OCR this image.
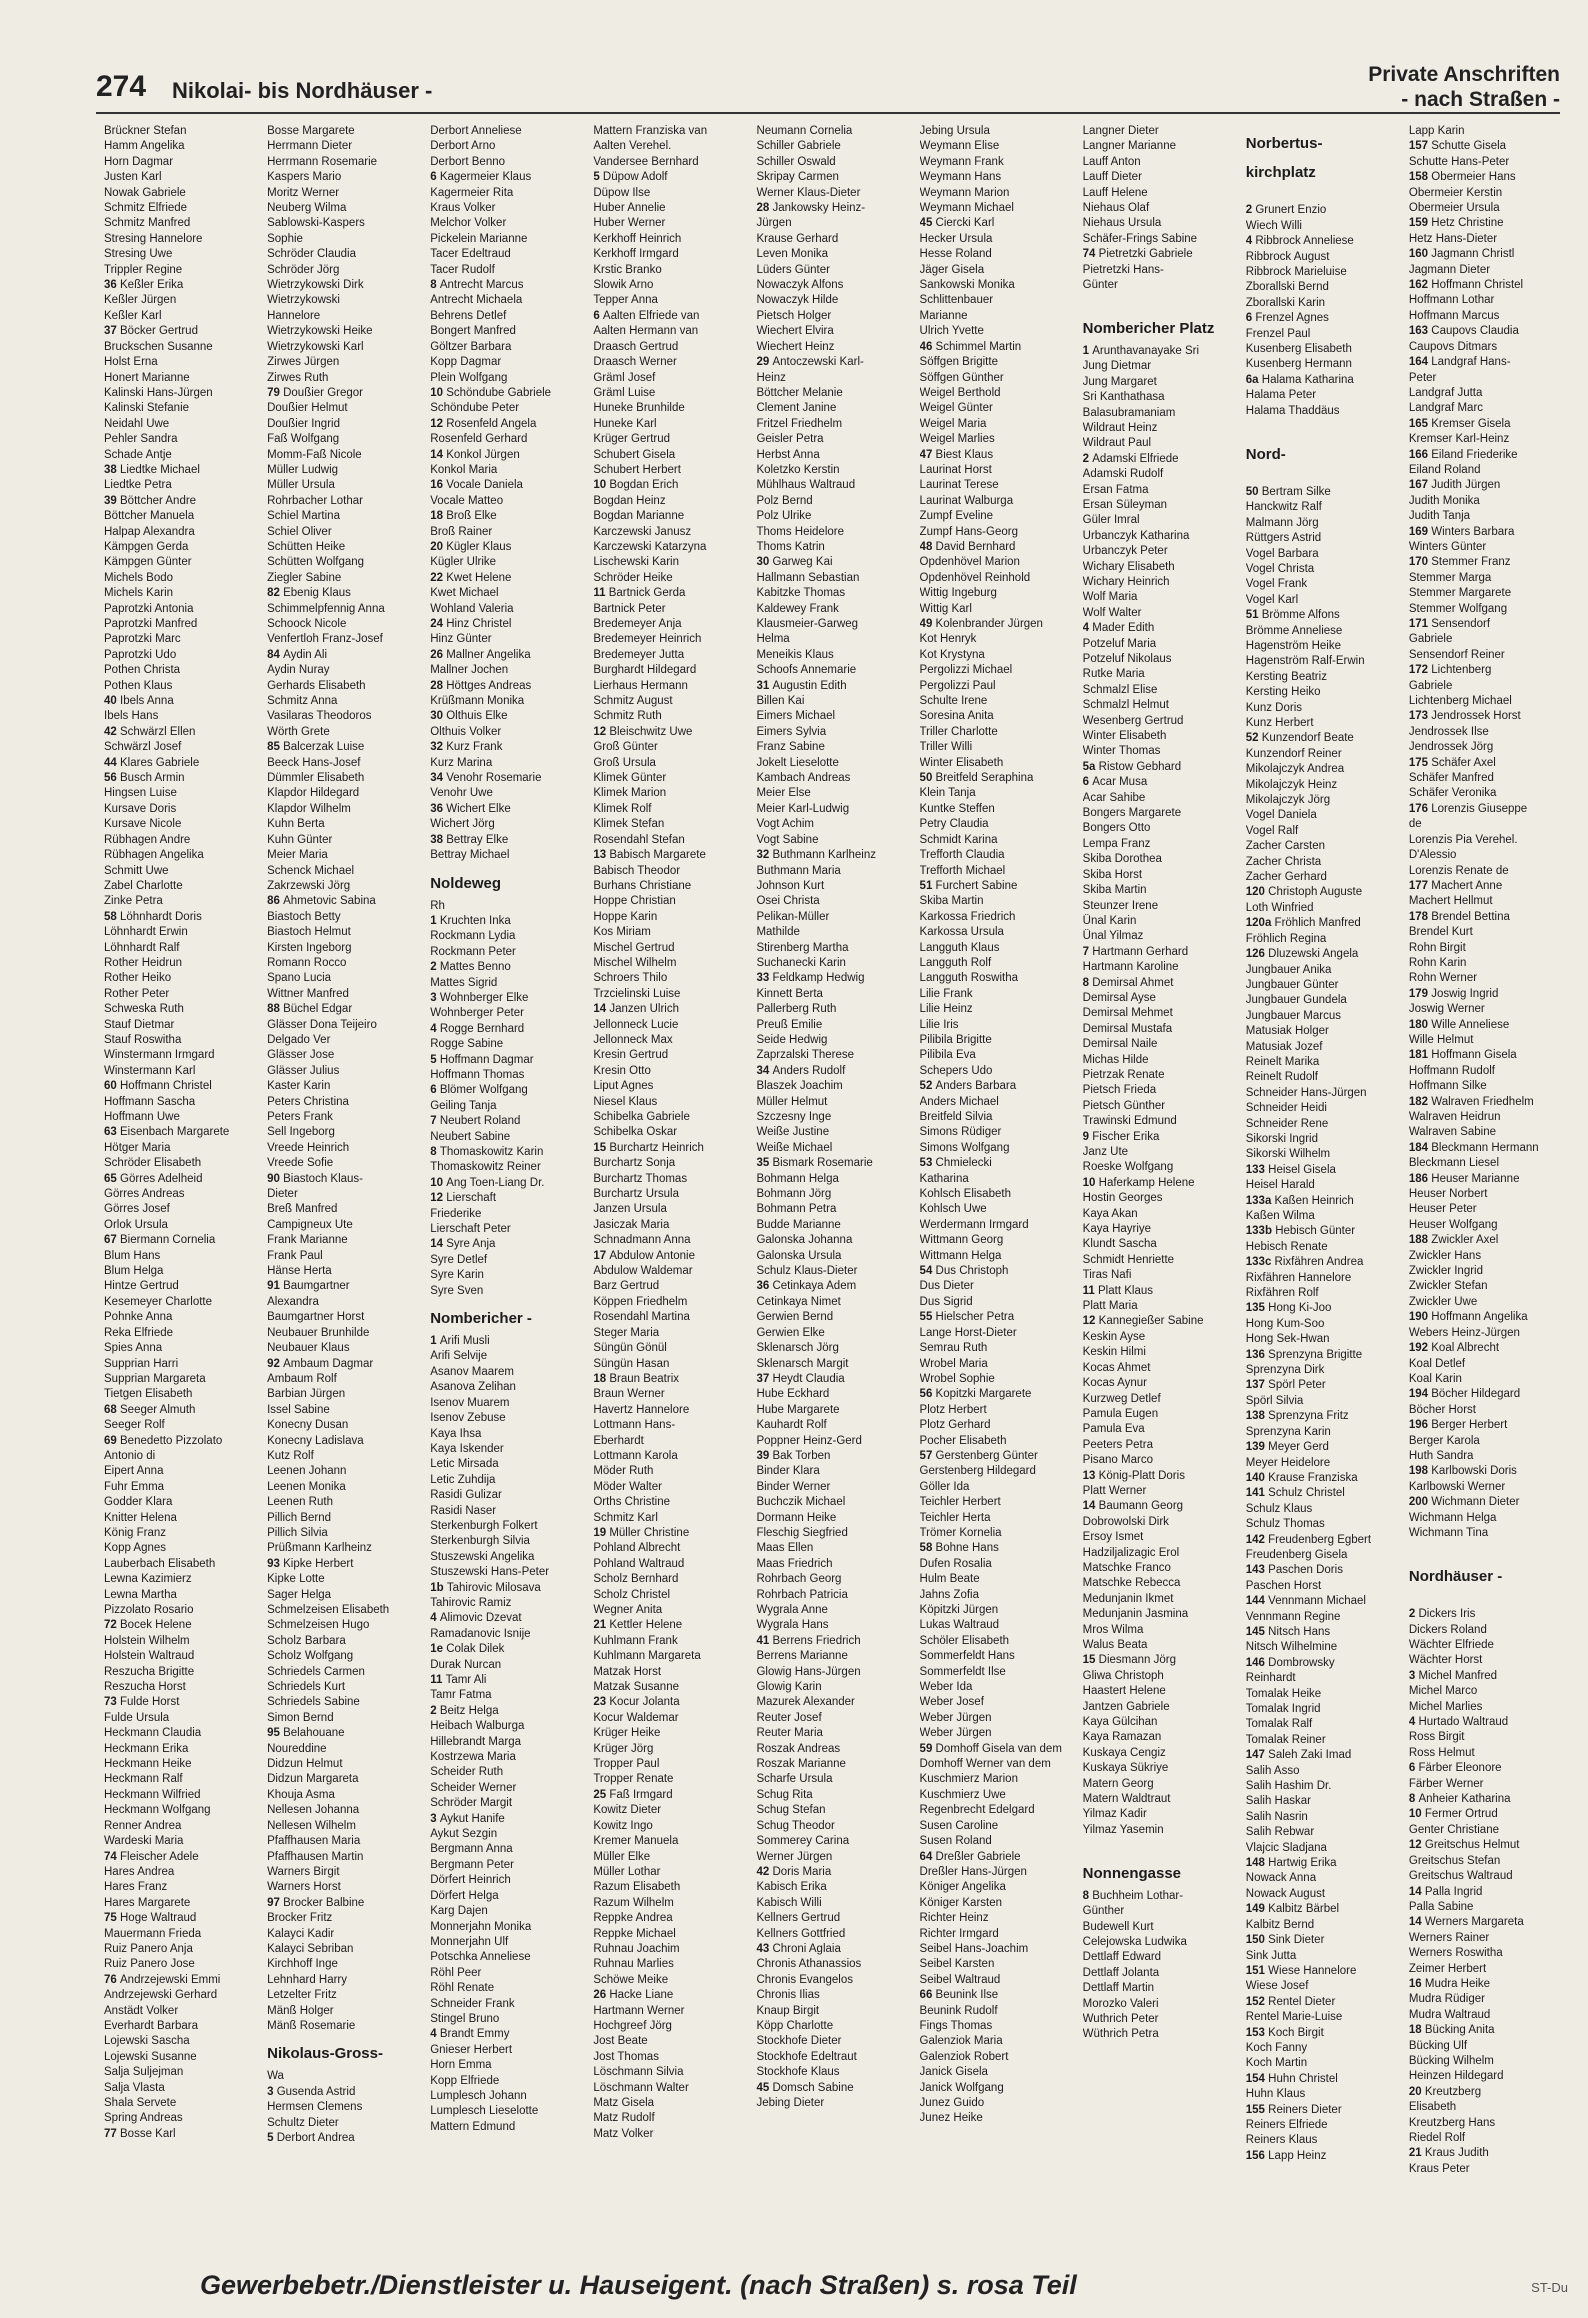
274 Nikolai- bis Nordhäuser -
Private Anschriften
- nach Straßen -
Brückner Stefan
Hamm Angelika
Horn Dagmar
Justen Karl
Nowak Gabriele
Schmitz Elfriede
Schmitz Manfred
Stresing Hannelore
Stresing Uwe
Trippler Regine
36 Keßler Erika
Keßler Jürgen
Keßler Karl
37 Böcker Gertrud
Bruckschen Susanne
Holst Erna
Honert Marianne
Kalinski Hans-Jürgen
Kalinski Stefanie
Neidahl Uwe
Pehler Sandra
Schade Antje
38 Liedtke Michael
Liedtke Petra
39 Böttcher Andre
Böttcher Manuela
Halpap Alexandra
Kämpgen Gerda
Kämpgen Günter
Michels Bodo
Michels Karin
Paprotzki Antonia
Paprotzki Manfred
Paprotzki Marc
Paprotzki Udo
Pothen Christa
Pothen Klaus
40 Ibels Anna
Ibels Hans
42 Schwärzl Ellen
Schwärzl Josef
44 Klares Gabriele
56 Busch Armin
Hingsen Luise
Kursave Doris
Kursave Nicole
Rübhagen Andre
Rübhagen Angelika
Schmitt Uwe
Zabel Charlotte
Zinke Petra
58 Löhnhardt Doris
Löhnhardt Erwin
Löhnhardt Ralf
Rother Heidrun
Rother Heiko
Rother Peter
Schweska Ruth
Stauf Dietmar
Stauf Roswitha
Winstermann Irmgard
Winstermann Karl
60 Hoffmann Christel
Hoffmann Sascha
Hoffmann Uwe
63 Eisenbach Margarete
Hötger Maria
Schröder Elisabeth
65 Görres Adelheid
Görres Andreas
Görres Josef
Orlok Ursula
67 Biermann Cornelia
Blum Hans
Blum Helga
Hintze Gertrud
Kesemeyer Charlotte
Pohnke Anna
Reka Elfriede
Spies Anna
Supprian Harri
Supprian Margareta
Tietgen Elisabeth
68 Seeger Almuth
Seeger Rolf
69 Benedetto Pizzolato
Antonio di
Eipert Anna
Fuhr Emma
Godder Klara
Knitter Helena
König Franz
Kopp Agnes
Lauberbach Elisabeth
Lewna Kazimierz
Lewna Martha
Pizzolato Rosario
72 Bocek Helene
Holstein Wilhelm
Holstein Waltraud
Reszucha Brigitte
Reszucha Horst
73 Fulde Horst
Fulde Ursula
Heckmann Claudia
Heckmann Erika
Heckmann Heike
Heckmann Ralf
Heckmann Wilfried
Heckmann Wolfgang
Renner Andrea
Wardeski Maria
74 Fleischer Adele
Hares Andrea
Hares Franz
Hares Margarete
75 Hoge Waltraud
Mauermann Frieda
Ruiz Panero Anja
Ruiz Panero Jose
76 Andrzejewski Emmi
Andrzejewski Gerhard
Anstädt Volker
Everhardt Barbara
Lojewski Sascha
Lojewski Susanne
Salja Suljejman
Salja Vlasta
Shala Servete
Spring Andreas
77 Bosse Karl
Bosse Margarete
Herrmann Dieter
Herrmann Rosemarie
Kaspers Mario
Moritz Werner
Neuberg Wilma
Sablowski-Kaspers
Sophie
Schröder Claudia
Schröder Jörg
Wietrzykowski Dirk
Wietrzykowski
Hannelore
Wietrzykowski Heike
Wietrzykowski Karl
Zirwes Jürgen
Zirwes Ruth
79 Doußier Gregor
Doußier Helmut
Doußier Ingrid
Faß Wolfgang
Momm-Faß Nicole
Müller Ludwig
Müller Ursula
Rohrbacher Lothar
Schiel Martina
Schiel Oliver
Schütten Heike
Schütten Wolfgang
Ziegler Sabine
82 Ebenig Klaus
Schimmelpfennig Anna
Schoock Nicole
Venfertloh Franz-Josef
84 Aydin Ali
Aydin Nuray
Gerhards Elisabeth
Schmitz Anna
Vasilaras Theodoros
Wörth Grete
85 Balcerzak Luise
Beeck Hans-Josef
Dümmler Elisabeth
Klapdor Hildegard
Klapdor Wilhelm
Kuhn Berta
Kuhn Günter
Meier Maria
Schenck Michael
Zakrzewski Jörg
86 Ahmetovic Sabina
Biastoch Betty
Biastoch Helmut
Kirsten Ingeborg
Romann Rocco
Spano Lucia
Wittner Manfred
88 Büchel Edgar
Glässer Dona Teijeiro
Delgado Ver
Glässer Jose
Glässer Julius
Kaster Karin
Peters Christina
Peters Frank
Sell Ingeborg
Vreede Heinrich
Vreede Sofie
90 Biastoch Klaus-
Dieter
Breß Manfred
Campigneux Ute
Frank Marianne
Frank Paul
Hänse Herta
91 Baumgartner
Alexandra
Baumgartner Horst
Neubauer Brunhilde
Neubauer Klaus
92 Ambaum Dagmar
Ambaum Rolf
Barbian Jürgen
Issel Sabine
Konecny Dusan
Konecny Ladislava
Kutz Rolf
Leenen Johann
Leenen Monika
Leenen Ruth
Pillich Bernd
Pillich Silvia
Prüßmann Karlheinz
93 Kipke Herbert
Kipke Lotte
Sager Helga
Schmelzeisen Elisabeth
Schmelzeisen Hugo
Scholz Barbara
Scholz Wolfgang
Schriedels Carmen
Schriedels Kurt
Schriedels Sabine
Simon Bernd
95 Belahouane
Noureddine
Didzun Helmut
Didzun Margareta
Khouja Asma
Nellesen Johanna
Nellesen Wilhelm
Pfaffhausen Maria
Pfaffhausen Martin
Warners Birgit
Warners Horst
97 Brocker Balbine
Brocker Fritz
Kalayci Kadir
Kalayci Sebriban
Kirchhoff Inge
Lehnhard Harry
Letzelter Fritz
Mänß Holger
Mänß Rosemarie
Nikolaus-Gross-
Wa
3 Gusenda Astrid
Hermsen Clemens
Schultz Dieter
5 Derbort Andrea
Derbort Anneliese
Derbort Arno
Derbort Benno
6 Kagermeier Klaus
Kagermeier Rita
Kraus Volker
Melchor Volker
Pickelein Marianne
Tacer Edeltraud
Tacer Rudolf
8 Antrecht Marcus
Antrecht Michaela
Behrens Detlef
Bongert Manfred
Göltzer Barbara
Kopp Dagmar
Plein Wolfgang
10 Schöndube Gabriele
Schöndube Peter
12 Rosenfeld Angela
Rosenfeld Gerhard
14 Konkol Jürgen
Konkol Maria
16 Vocale Daniela
Vocale Matteo
18 Broß Elke
Broß Rainer
20 Kügler Klaus
Kügler Ulrike
22 Kwet Helene
Kwet Michael
Wohland Valeria
24 Hinz Christel
Hinz Günter
26 Mallner Angelika
Mallner Jochen
28 Höttges Andreas
Krüßmann Monika
30 Olthuis Elke
Olthuis Volker
32 Kurz Frank
Kurz Marina
34 Venohr Rosemarie
Venohr Uwe
36 Wichert Elke
Wichert Jörg
38 Bettray Elke
Bettray Michael
Noldeweg
Rh
1 Kruchten Inka
Rockmann Lydia
Rockmann Peter
2 Mattes Benno
Mattes Sigrid
3 Wohnberger Elke
Wohnberger Peter
4 Rogge Bernhard
Rogge Sabine
5 Hoffmann Dagmar
Hoffmann Thomas
6 Blömer Wolfgang
Geiling Tanja
7 Neubert Roland
Neubert Sabine
8 Thomaskowitz Karin
Thomaskowitz Reiner
10 Ang Toen-Liang Dr.
12 Lierschaft
Friederike
Lierschaft Peter
14 Syre Anja
Syre Detlef
Syre Karin
Syre Sven
Nombericher -
1 Arifi Musli
Arifi Selvije
Asanov Maarem
Asanova Zelihan
Isenov Muarem
Isenov Zebuse
Kaya Ihsa
Kaya Iskender
Letic Mirsada
Letic Zuhdija
Rasidi Gulizar
Rasidi Naser
Sterkenburgh Folkert
Sterkenburgh Silvia
Stuszewski Angelika
Stuszewski Hans-Peter
1b Tahirovic Milosava
Tahirovic Ramiz
4 Alimovic Dzevat
Ramadanovic Isnije
1e Colak Dilek
Durak Nurcan
11 Tamr Ali
Tamr Fatma
2 Beitz Helga
Heibach Walburga
Hillebrandt Marga
Kostrzewa Maria
Scheider Ruth
Scheider Werner
Schröder Margit
3 Aykut Hanife
Aykut Sezgin
Bergmann Anna
Bergmann Peter
Dörfert Heinrich
Dörfert Helga
Karg Dajen
Monnerjahn Monika
Monnerjahn Ulf
Potschka Anneliese
Röhl Peer
Röhl Renate
Schneider Frank
Stingel Bruno
4 Brandt Emmy
Gnieser Herbert
Horn Emma
Kopp Elfriede
Lumplesch Johann
Lumplesch Lieselotte
Mattern Edmund
Mattern Franziska van
Aalten Verehel.
Vandersee Bernhard
5 Düpow Adolf
Düpow Ilse
Huber Annelie
Huber Werner
Kerkhoff Heinrich
Kerkhoff Irmgard
Krstic Branko
Slowik Arno
Tepper Anna
6 Aalten Elfriede van
Aalten Hermann van
Draasch Gertrud
Draasch Werner
Gräml Josef
Gräml Luise
Huneke Brunhilde
Huneke Karl
Krüger Gertrud
Schubert Gisela
Schubert Herbert
10 Bogdan Erich
Bogdan Heinz
Bogdan Marianne
Karczewski Janusz
Karczewski Katarzyna
Lischewski Karin
Schröder Heike
11 Bartnick Gerda
Bartnick Peter
Bredemeyer Anja
Bredemeyer Heinrich
Bredemeyer Jutta
Burghardt Hildegard
Lierhaus Hermann
Schmitz August
Schmitz Ruth
12 Bleischwitz Uwe
Groß Günter
Groß Ursula
Klimek Günter
Klimek Marion
Klimek Rolf
Klimek Stefan
Rosendahl Stefan
13 Babisch Margarete
Babisch Theodor
Burhans Christiane
Hoppe Christian
Hoppe Karin
Kos Miriam
Mischel Gertrud
Mischel Wilhelm
Schroers Thilo
Trzcielinski Luise
14 Janzen Ulrich
Jellonneck Lucie
Jellonneck Max
Kresin Gertrud
Kresin Otto
Liput Agnes
Niesel Klaus
Schibelka Gabriele
Schibelka Oskar
15 Burchartz Heinrich
Burchartz Sonja
Burchartz Thomas
Burchartz Ursula
Janzen Ursula
Jasiczak Maria
Schnadmann Anna
17 Abdulow Antonie
Abdulow Waldemar
Barz Gertrud
Köppen Friedhelm
Rosendahl Martina
Steger Maria
Süngün Gönül
Süngün Hasan
18 Braun Beatrix
Braun Werner
Havertz Hannelore
Lottmann Hans-
Eberhardt
Lottmann Karola
Möder Ruth
Möder Walter
Orths Christine
Schmitz Karl
19 Müller Christine
Pohland Albrecht
Pohland Waltraud
Scholz Bernhard
Scholz Christel
Wegner Anita
21 Kettler Helene
Kuhlmann Frank
Kuhlmann Margareta
Matzak Horst
Matzak Susanne
23 Kocur Jolanta
Kocur Waldemar
Krüger Heike
Krüger Jörg
Tropper Paul
Tropper Renate
25 Faß Irmgard
Kowitz Dieter
Kowitz Ingo
Kremer Manuela
Müller Elke
Müller Lothar
Razum Elisabeth
Razum Wilhelm
Reppke Andrea
Reppke Michael
Ruhnau Joachim
Ruhnau Marlies
Schöwe Meike
26 Hacke Liane
Hartmann Werner
Hochgreef Jörg
Jost Beate
Jost Thomas
Löschmann Silvia
Löschmann Walter
Matz Gisela
Matz Rudolf
Matz Volker
Neumann Cornelia
Schiller Gabriele
Schiller Oswald
Skripay Carmen
Werner Klaus-Dieter
28 Jankowsky Heinz-
Jürgen
Krause Gerhard
Leven Monika
Lüders Günter
Nowaczyk Alfons
Nowaczyk Hilde
Pietsch Holger
Wiechert Elvira
Wiechert Heinz
29 Antoczewski Karl-
Heinz
Böttcher Melanie
Clement Janine
Fritzel Friedhelm
Geisler Petra
Herbst Anna
Koletzko Kerstin
Mühlhaus Waltraud
Polz Bernd
Polz Ulrike
Thoms Heidelore
Thoms Katrin
30 Garweg Kai
Hallmann Sebastian
Kabitzke Thomas
Kaldewey Frank
Klausmeier-Garweg
Helma
Meneikis Klaus
Schoofs Annemarie
31 Augustin Edith
Billen Kai
Eimers Michael
Eimers Sylvia
Franz Sabine
Jokelt Lieselotte
Kambach Andreas
Meier Else
Meier Karl-Ludwig
Vogt Achim
Vogt Sabine
32 Buthmann Karlheinz
Buthmann Maria
Johnson Kurt
Osei Christa
Pelikan-Müller
Mathilde
Stirenberg Martha
Suchanecki Karin
33 Feldkamp Hedwig
Kinnett Berta
Pallerberg Ruth
Preuß Emilie
Seide Hedwig
Zaprzalski Therese
34 Anders Rudolf
Blaszek Joachim
Müller Helmut
Szczesny Inge
Weiße Justine
Weiße Michael
35 Bismark Rosemarie
Bohmann Helga
Bohmann Jörg
Bohmann Petra
Budde Marianne
Galonska Johanna
Galonska Ursula
Schulz Klaus-Dieter
36 Cetinkaya Adem
Cetinkaya Nimet
Gerwien Bernd
Gerwien Elke
Sklenarsch Jörg
Sklenarsch Margit
37 Heydt Claudia
Hube Eckhard
Hube Margarete
Kauhardt Rolf
Poppner Heinz-Gerd
39 Bak Torben
Binder Klara
Binder Werner
Buchczik Michael
Dormann Heike
Fleschig Siegfried
Maas Ellen
Maas Friedrich
Rohrbach Georg
Rohrbach Patricia
Wygrala Anne
Wygrala Hans
41 Berrens Friedrich
Berrens Marianne
Glowig Hans-Jürgen
Glowig Karin
Mazurek Alexander
Reuter Josef
Reuter Maria
Roszak Andreas
Roszak Marianne
Scharfe Ursula
Schug Rita
Schug Stefan
Schug Theodor
Sommerey Carina
Werner Jürgen
42 Doris Maria
Kabisch Erika
Kabisch Willi
Kellners Gertrud
Kellners Gottfried
43 Chroni Aglaia
Chronis Athanassios
Chronis Evangelos
Chronis Ilias
Knaup Birgit
Köpp Charlotte
Stockhofe Dieter
Stockhofe Edeltraut
Stockhofe Klaus
45 Domsch Sabine
Jebing Dieter
Jebing Ursula
Weymann Elise
Weymann Frank
Weymann Hans
Weymann Marion
Weymann Michael
45 Ciercki Karl
Hecker Ursula
Hesse Roland
Jäger Gisela
Sankowski Monika
Schlittenbauer
Marianne
Ulrich Yvette
46 Schimmel Martin
Söffgen Brigitte
Söffgen Günther
Weigel Berthold
Weigel Günter
Weigel Maria
Weigel Marlies
47 Biest Klaus
Laurinat Horst
Laurinat Terese
Laurinat Walburga
Zumpf Eveline
Zumpf Hans-Georg
48 David Bernhard
Opdenhövel Marion
Opdenhövel Reinhold
Wittig Ingeburg
Wittig Karl
49 Kolenbrander Jürgen
Kot Henryk
Kot Krystyna
Pergolizzi Michael
Pergolizzi Paul
Schulte Irene
Soresina Anita
Triller Charlotte
Triller Willi
Winter Elisabeth
50 Breitfeld Seraphina
Klein Tanja
Kuntke Steffen
Petry Claudia
Schmidt Karina
Trefforth Claudia
Trefforth Michael
51 Furchert Sabine
Skiba Martin
Karkossa Friedrich
Karkossa Ursula
Langguth Klaus
Langguth Rolf
Langguth Roswitha
Lilie Frank
Lilie Heinz
Lilie Iris
Pilibila Brigitte
Pilibila Eva
Schepers Udo
52 Anders Barbara
Anders Michael
Breitfeld Silvia
Simons Rüdiger
Simons Wolfgang
53 Chmielecki
Katharina
Kohlsch Elisabeth
Kohlsch Uwe
Werdermann Irmgard
Wittmann Georg
Wittmann Helga
54 Dus Christoph
Dus Dieter
Dus Sigrid
55 Hielscher Petra
Lange Horst-Dieter
Semrau Ruth
Wrobel Maria
Wrobel Sophie
56 Kopitzki Margarete
Plotz Herbert
Plotz Gerhard
Pocher Elisabeth
57 Gerstenberg Günter
Gerstenberg Hildegard
Göller Ida
Teichler Herbert
Teichler Herta
Trömer Kornelia
58 Bohne Hans
Dufen Rosalia
Hulm Beate
Jahns Zofia
Köpitzki Jürgen
Lukas Waltraud
Schöler Elisabeth
Sommerfeldt Hans
Sommerfeldt Ilse
Weber Ida
Weber Josef
Weber Jürgen
Weber Jürgen
59 Domhoff Gisela van dem
Domhoff Werner van dem
Kuschmierz Marion
Kuschmierz Uwe
Regenbrecht Edelgard
Susen Caroline
Susen Roland
64 Dreßler Gabriele
Dreßler Hans-Jürgen
Königer Angelika
Königer Karsten
Richter Heinz
Richter Irmgard
Seibel Hans-Joachim
Seibel Karsten
Seibel Waltraud
66 Beunink Ilse
Beunink Rudolf
Fings Thomas
Galenziok Maria
Galenziok Robert
Janick Gisela
Janick Wolfgang
Junez Guido
Junez Heike
Langner Dieter
Langner Marianne
Lauff Anton
Lauff Dieter
Lauff Helene
Niehaus Olaf
Niehaus Ursula
Schäfer-Frings Sabine
74 Pietretzki Gabriele
Pietretzki Hans-
Günter

Nombericher Platz
1 Arunthavanayake Sri
Jung Dietmar
Jung Margaret
Sri Kanthathasa
Balasubramaniam
Wildraut Heinz
Wildraut Paul
2 Adamski Elfriede
Adamski Rudolf
Ersan Fatma
Ersan Süleyman
Güler Imral
Urbanczyk Katharina
Urbanczyk Peter
Wichary Elisabeth
Wichary Heinrich
Wolf Maria
Wolf Walter
4 Mader Edith
Potzeluf Maria
Potzeluf Nikolaus
Rutke Maria
Schmalzl Elise
Schmalzl Helmut
Wesenberg Gertrud
Winter Elisabeth
Winter Thomas
5a Ristow Gebhard
6 Acar Musa
Acar Sahibe
Bongers Margarete
Bongers Otto
Lempa Franz
Skiba Dorothea
Skiba Horst
Skiba Martin
Steunzer Irene
Ünal Karin
Ünal Yilmaz
7 Hartmann Gerhard
Hartmann Karoline
8 Demirsal Ahmet
Demirsal Ayse
Demirsal Mehmet
Demirsal Mustafa
Demirsal Naile
Michas Hilde
Pietrzak Renate
Pietsch Frieda
Pietsch Günther
Trawinski Edmund
9 Fischer Erika
Janz Ute
Roeske Wolfgang
10 Haferkamp Helene
Hostin Georges
Kaya Akan
Kaya Hayriye
Klundt Sascha
Schmidt Henriette
Tiras Nafi
11 Platt Klaus
Platt Maria
12 Kannegießer Sabine
Keskin Ayse
Keskin Hilmi
Kocas Ahmet
Kocas Aynur
Kurzweg Detlef
Pamula Eugen
Pamula Eva
Peeters Petra
Pisano Marco
13 König-Platt Doris
Platt Werner
14 Baumann Georg
Dobrowolski Dirk
Ersoy Ismet
Hadziljalizagic Erol
Matschke Franco
Matschke Rebecca
Medunjanin Ikmet
Medunjanin Jasmina
Mros Wilma
Walus Beata
15 Diesmann Jörg
Gliwa Christoph
Haastert Helene
Jantzen Gabriele
Kaya Gülcihan
Kaya Ramazan
Kuskaya Cengiz
Kuskaya Sükriye
Matern Georg
Matern Waldtraut
Yilmaz Kadir
Yilmaz Yasemin

Nonnengasse
8 Buchheim Lothar-
Günther
Budewell Kurt
Celejowska Ludwika
Dettlaff Edward
Dettlaff Jolanta
Dettlaff Martin
Morozko Valeri
Wuthrich Peter
Wüthrich Petra
Norbertus-
kirchplatz

2 Grunert Enzio
Wiech Willi
4 Ribbrock Anneliese
Ribbrock August
Ribbrock Marieluise
Zborallski Bernd
Zborallski Karin
6 Frenzel Agnes
Frenzel Paul
Kusenberg Elisabeth
Kusenberg Hermann
6a Halama Katharina
Halama Peter
Halama Thaddäus

Nord-

50 Bertram Silke
Hanckwitz Ralf
Malmann Jörg
Rüttgers Astrid
Vogel Barbara
Vogel Christa
Vogel Frank
Vogel Karl
51 Brömme Alfons
Brömme Anneliese
Hagenström Heike
Hagenström Ralf-Erwin
Kersting Beatriz
Kersting Heiko
Kunz Doris
Kunz Herbert
52 Kunzendorf Beate
Kunzendorf Reiner
Mikolajczyk Andrea
Mikolajczyk Heinz
Mikolajczyk Jörg
Vogel Daniela
Vogel Ralf
Zacher Carsten
Zacher Christa
Zacher Gerhard
120 Christoph Auguste
Loth Winfried
120a Fröhlich Manfred
Fröhlich Regina
126 Dluzewski Angela
Jungbauer Anika
Jungbauer Günter
Jungbauer Gundela
Jungbauer Marcus
Matusiak Holger
Matusiak Jozef
Reinelt Marika
Reinelt Rudolf
Schneider Hans-Jürgen
Schneider Heidi
Schneider Rene
Sikorski Ingrid
Sikorski Wilhelm
133 Heisel Gisela
Heisel Harald
133a Kaßen Heinrich
Kaßen Wilma
133b Hebisch Günter
Hebisch Renate
133c Rixfähren Andrea
Rixfähren Hannelore
Rixfähren Rolf
135 Hong Ki-Joo
Hong Kum-Soo
Hong Sek-Hwan
136 Sprenzyna Brigitte
Sprenzyna Dirk
137 Spörl Peter
Spörl Silvia
138 Sprenzyna Fritz
Sprenzyna Karin
139 Meyer Gerd
Meyer Heidelore
140 Krause Franziska
141 Schulz Christel
Schulz Klaus
Schulz Thomas
142 Freudenberg Egbert
Freudenberg Gisela
143 Paschen Doris
Paschen Horst
144 Vennmann Michael
Vennmann Regine
145 Nitsch Hans
Nitsch Wilhelmine
146 Dombrowsky
Reinhardt
Tomalak Heike
Tomalak Ingrid
Tomalak Ralf
Tomalak Reiner
147 Saleh Zaki Imad
Salih Asso
Salih Hashim Dr.
Salih Haskar
Salih Nasrin
Salih Rebwar
Vlajcic Sladjana
148 Hartwig Erika
Nowack Anna
Nowack August
149 Kalbitz Bärbel
Kalbitz Bernd
150 Sink Dieter
Sink Jutta
151 Wiese Hannelore
Wiese Josef
152 Rentel Dieter
Rentel Marie-Luise
153 Koch Birgit
Koch Fanny
Koch Martin
154 Huhn Christel
Huhn Klaus
155 Reiners Dieter
Reiners Elfriede
Reiners Klaus
156 Lapp Heinz
Lapp Karin
157 Schutte Gisela
Schutte Hans-Peter
158 Obermeier Hans
Obermeier Kerstin
Obermeier Ursula
159 Hetz Christine
Hetz Hans-Dieter
160 Jagmann Christl
Jagmann Dieter
162 Hoffmann Christel
Hoffmann Lothar
Hoffmann Marcus
163 Caupovs Claudia
Caupovs Ditmars
164 Landgraf Hans-
Peter
Landgraf Jutta
Landgraf Marc
165 Kremser Gisela
Kremser Karl-Heinz
166 Eiland Friederike
Eiland Roland
167 Judith Jürgen
Judith Monika
Judith Tanja
169 Winters Barbara
Winters Günter
170 Stemmer Franz
Stemmer Marga
Stemmer Margarete
Stemmer Wolfgang
171 Sensendorf
Gabriele
Sensendorf Reiner
172 Lichtenberg
Gabriele
Lichtenberg Michael
173 Jendrossek Horst
Jendrossek Ilse
Jendrossek Jörg
175 Schäfer Axel
Schäfer Manfred
Schäfer Veronika
176 Lorenzis Giuseppe
de
Lorenzis Pia Verehel.
D'Alessio
Lorenzis Renate de
177 Machert Anne
Machert Hellmut
178 Brendel Bettina
Brendel Kurt
Rohn Birgit
Rohn Karin
Rohn Werner
179 Joswig Ingrid
Joswig Werner
180 Wille Anneliese
Wille Helmut
181 Hoffmann Gisela
Hoffmann Rudolf
Hoffmann Silke
182 Walraven Friedhelm
Walraven Heidrun
Walraven Sabine
184 Bleckmann Hermann
Bleckmann Liesel
186 Heuser Marianne
Heuser Norbert
Heuser Peter
Heuser Wolfgang
188 Zwickler Axel
Zwickler Hans
Zwickler Ingrid
Zwickler Stefan
Zwickler Uwe
190 Hoffmann Angelika
Webers Heinz-Jürgen
192 Koal Albrecht
Koal Detlef
Koal Karin
194 Böcher Hildegard
Böcher Horst
196 Berger Herbert
Berger Karola
Huth Sandra
198 Karlbowski Doris
Karlbowski Werner
200 Wichmann Dieter
Wichmann Helga
Wichmann Tina

Nordhäuser -

2 Dickers Iris
Dickers Roland
Wächter Elfriede
Wächter Horst
3 Michel Manfred
Michel Marco
Michel Marlies
4 Hurtado Waltraud
Ross Birgit
Ross Helmut
6 Färber Eleonore
Färber Werner
8 Anheier Katharina
10 Fermer Ortrud
Genter Christiane
12 Greitschus Helmut
Greitschus Stefan
Greitschus Waltraud
14 Palla Ingrid
Palla Sabine
14 Werners Margareta
Werners Rainer
Werners Roswitha
Zeimer Herbert
16 Mudra Heike
Mudra Rüdiger
Mudra Waltraud
18 Bücking Anita
Bücking Ulf
Bücking Wilhelm
Heinzen Hildegard
20 Kreutzberg
Elisabeth
Kreutzberg Hans
Riedel Rolf
21 Kraus Judith
Kraus Peter
Gewerbebetr./Dienstleister u. Hauseigent. (nach Straßen) s. rosa Teil	ST-Du
